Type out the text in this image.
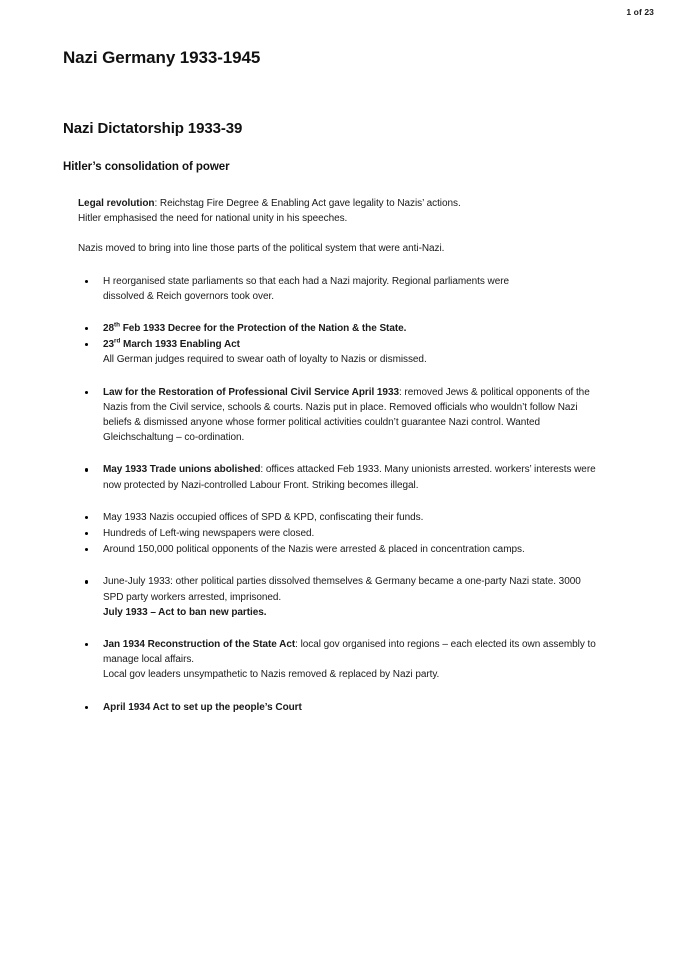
1 of 23
Nazi Germany 1933-1945
Nazi Dictatorship 1933-39
Hitler’s consolidation of power

Legal revolution: Reichstag Fire Degree & Enabling Act gave legality to Nazis’ actions.

Hitler emphasised the need for national unity in his speeches.

Nazis moved to bring into line those parts of the political system that were anti-Nazi.

H reorganised state parliaments so that each had a Nazi majority. Regional parliaments were
dissolved & Reich governors took over.
28th Feb 1933 Decree for the Protection of the Nation & the State.
23rd March 1933 Enabling Act
All German judges required to swear oath of loyalty to Nazis or dismissed.
Law for the Restoration of Professional Civil Service April 1933: removed Jews & political opponents of the Nazis from the Civil service, schools & courts. Nazis put in place. Removed officials who wouldn’t follow Nazi beliefs & dismissed anyone whose former political activities couldn’t guarantee Nazi control. Wanted Gleichschaltung – co-ordination.
May 1933 Trade unions abolished: offices attacked Feb 1933. Many unionists arrested. workers’ interests were now protected by Nazi-controlled Labour Front. Striking becomes illegal.
May 1933 Nazis occupied offices of SPD & KPD, confiscating their funds.
Hundreds of Left-wing newspapers were closed.
Around 150,000 political opponents of the Nazis were arrested & placed in concentration camps.
June-July 1933: other political parties dissolved themselves & Germany became a one-party Nazi state. 3000 SPD party workers arrested, imprisoned.
July 1933 – Act to ban new parties.
Jan 1934 Reconstruction of the State Act: local gov organised into regions – each elected its own assembly to manage local affairs.
Local gov leaders unsympathetic to Nazis removed & replaced by Nazi party.
April 1934 Act to set up the people’s Court
